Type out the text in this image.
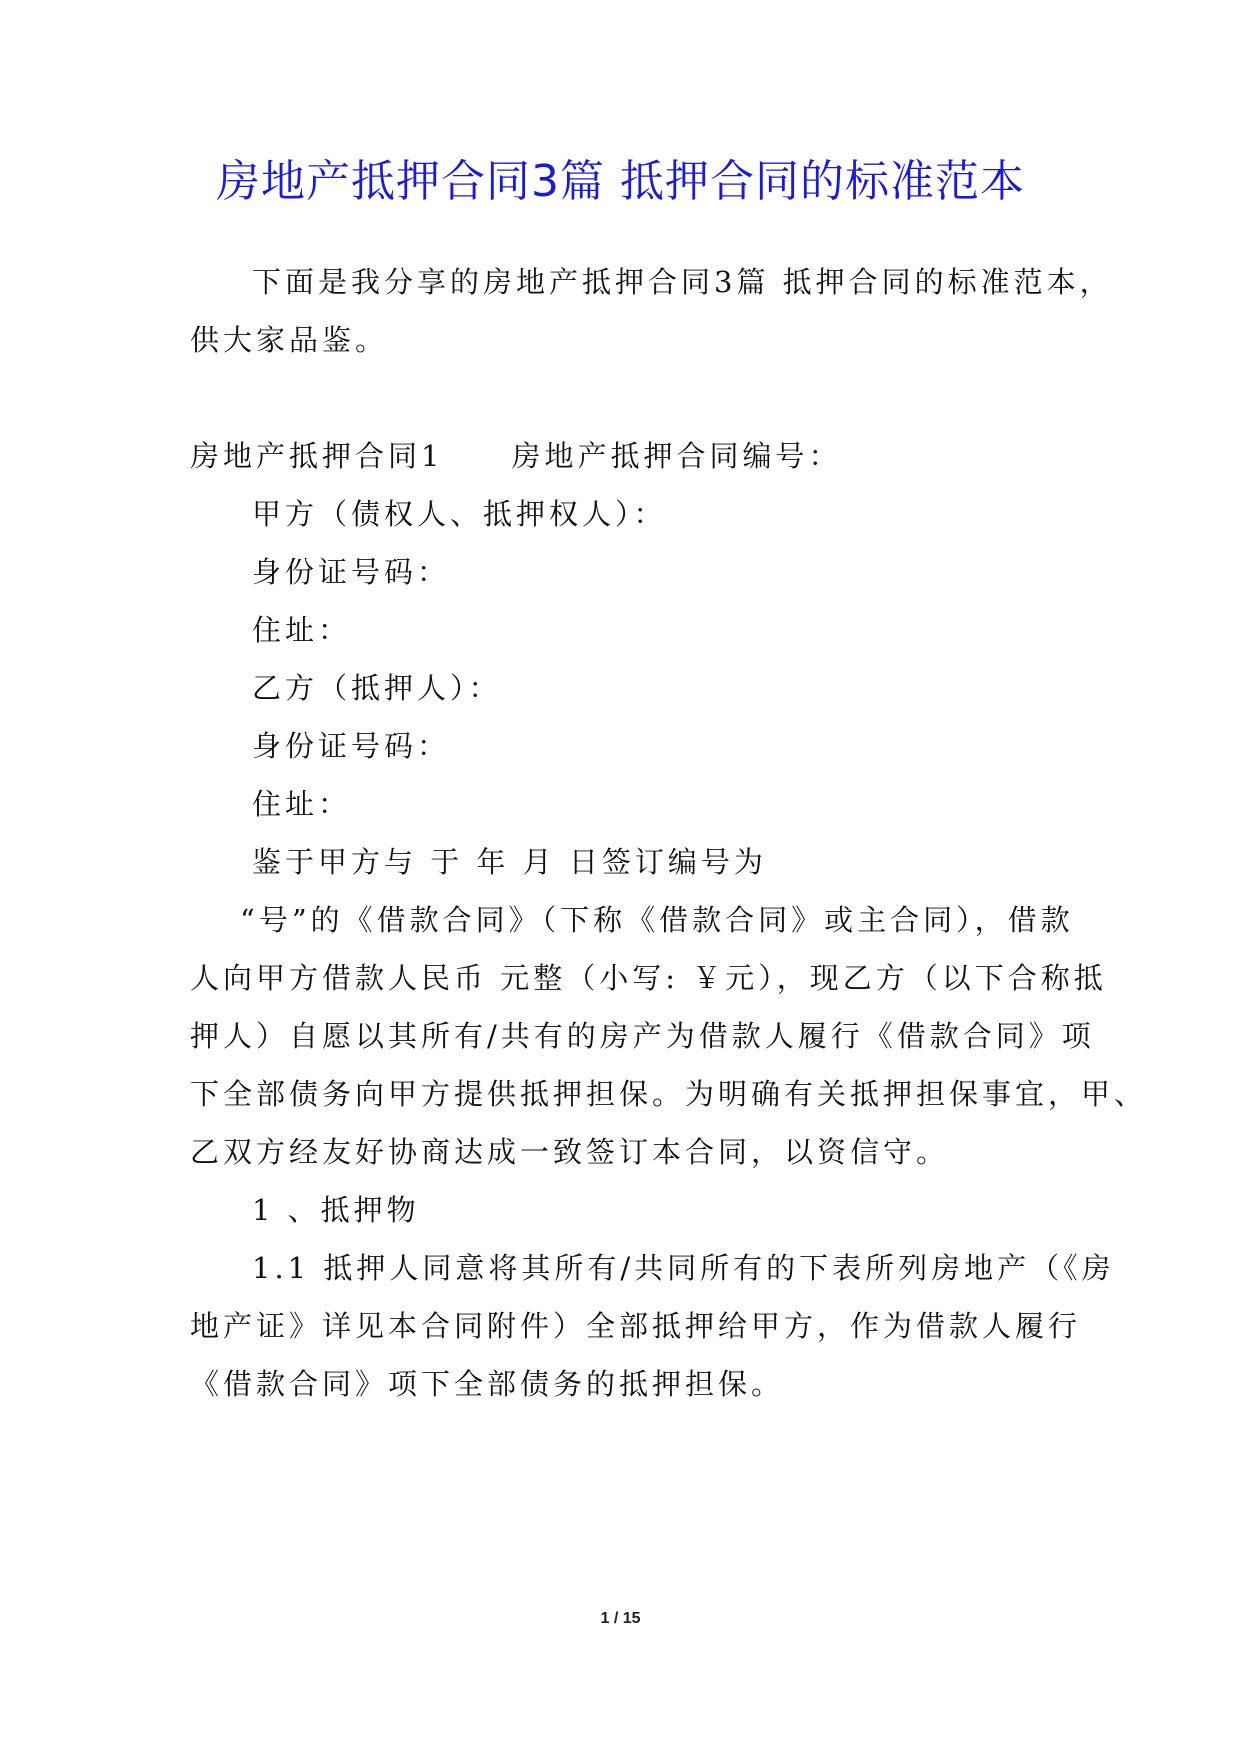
房地产抵押合同3篇 抵押合同的标准范本
下面是我分享的房地产抵押合同3篇 抵押合同的标准范本，
供大家品鉴。
房地产抵押合同1 房地产抵押合同编号：
甲方（债权人、抵押权人）：
身份证号码：
住址：
乙方（抵押人）：
身份证号码：
住址：
鉴于甲方与 于 年 月 日签订编号为
“号”的《借款合同》（下称《借款合同》或主合同），借款
人向甲方借款人民币 元整（小写: ￥元），现乙方（以下合称抵
押人）自愿以其所有/共有的房产为借款人履行《借款合同》项
下全部债务向甲方提供抵押担保。为明确有关抵押担保事宜，甲、
乙双方经友好协商达成一致签订本合同，以资信守。
1 、抵押物
1.1 抵押人同意将其所有/共同所有的下表所列房地产（《房
地产证》详见本合同附件）全部抵押给甲方，作为借款人履行
《借款合同》项下全部债务的抵押担保。
1 / 15
